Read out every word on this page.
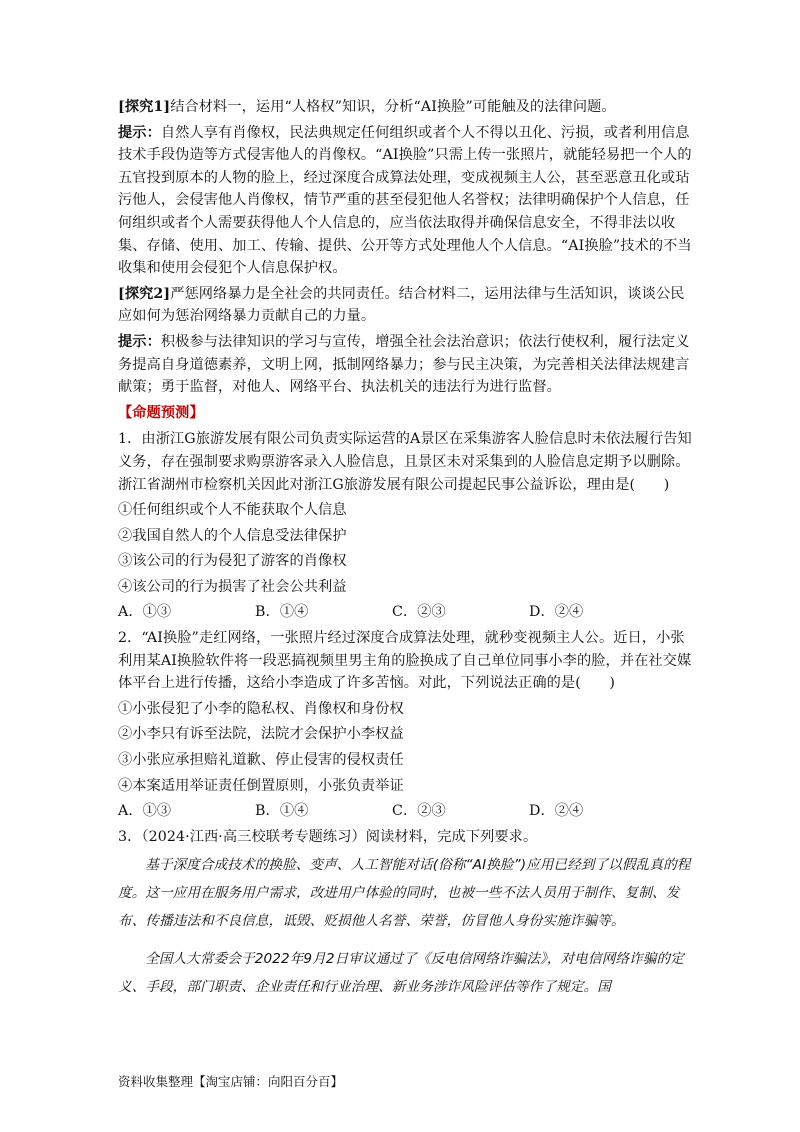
[探究1]结合材料一，运用“人格权”知识，分析“AI换脸”可能触及的法律问题。

提示：自然人享有肖像权，民法典规定任何组织或者个人不得以丑化、污损，或者利用信息技术手段伪造等方式侵害他人的肖像权。“AI换脸”只需上传一张照片，就能轻易把一个人的五官投到原本的人物的脸上，经过深度合成算法处理，变成视频主人公，甚至恶意丑化或玷污他人，会侵害他人肖像权，情节严重的甚至侵犯他人名誉权；法律明确保护个人信息，任何组织或者个人需要获得他人个人信息的，应当依法取得并确保信息安全，不得非法以收集、存储、使用、加工、传输、提供、公开等方式处理他人个人信息。“AI换脸”技术的不当收集和使用会侵犯个人信息保护权。

[探究2]严惩网络暴力是全社会的共同责任。结合材料二，运用法律与生活知识，谈谈公民应如何为惩治网络暴力贡献自己的力量。

提示：积极参与法律知识的学习与宣传，增强全社会法治意识；依法行使权利，履行法定义务提高自身道德素养，文明上网，抵制网络暴力；参与民主决策，为完善相关法律法规建言献策；勇于监督，对他人、网络平台、执法机关的违法行为进行监督。

【命题预测】

1．由浙江G旅游发展有限公司负责实际运营的A景区在采集游客人脸信息时未依法履行告知义务，存在强制要求购票游客录入人脸信息，且景区未对采集到的人脸信息定期予以删除。浙江省湖州市检察机关因此对浙江G旅游发展有限公司提起民事公益诉讼，理由是(　　)

①任何组织或个人不能获取个人信息
②我国自然人的个人信息受法律保护
③该公司的行为侵犯了游客的肖像权
④该公司的行为损害了社会公共利益
A．①③	B．①④	C．②③	D．②④

2．“AI换脸”走红网络，一张照片经过深度合成算法处理，就秒变视频主人公。近日，小张利用某AI换脸软件将一段恶搞视频里男主角的脸换成了自己单位同事小李的脸，并在社交媒体平台上进行传播，这给小李造成了许多苦恼。对此，下列说法正确的是(　　)

①小张侵犯了小李的隐私权、肖像权和身份权
②小李只有诉至法院，法院才会保护小李权益
③小张应承担赔礼道歉、停止侵害的侵权责任
④本案适用举证责任倒置原则，小张负责举证
A．①③	B．①④	C．②③	D．②④

3．（2024·江西·高三校联考专题练习）阅读材料，完成下列要求。

基于深度合成技术的换脸、变声、人工智能对话(俗称“AI换脸”)应用已经到了以假乱真的程度。这一应用在服务用户需求，改进用户体验的同时，也被一些不法人员用于制作、复制、发布、传播违法和不良信息，诋毁、贬损他人名誉、荣誉，仿冒他人身份实施诈骗等。

全国人大常委会于2022年9月2日审议通过了《反电信网络诈骗法》，对电信网络诈骗的定义、手段，部门职责、企业责任和行业治理、新业务涉诈风险评估等作了规定。国

资料收集整理【淘宝店铺：向阳百分百】
